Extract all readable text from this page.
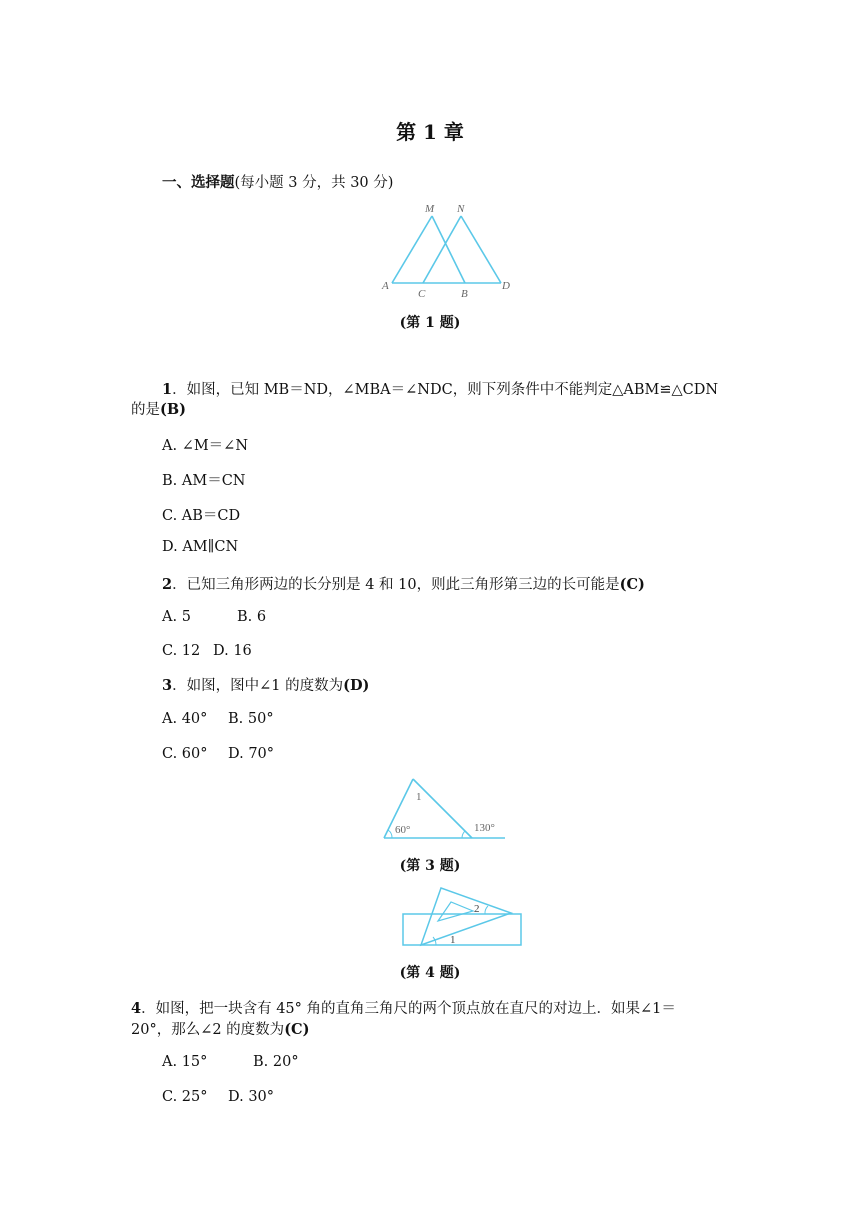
第 1 章
一、选择题(每小题 3 分，共 30 分)
M N
A
C	B
D
(第 1 题)
1．如图，已知 MB＝ND，∠MBA＝∠NDC，则下列条件中不能判定△ABM≌△CDN
的是(B)
A. ∠M＝∠N
B. AM＝CN
C. AB＝CD
D. AM∥CN
2．已知三角形两边的长分别是 4 和 10，则此三角形第三边的长可能是(C)
A. 5	B. 6
C. 12 D. 16
3．如图，图中∠1 的度数为(D)
A. 40° B. 50°
C. 60° D. 70°
1
60°	130°
(第 3 题)
1
2
(第 4 题)
4．如图，把一块含有 45° 角的直角三角尺的两个顶点放在直尺的对边上．如果∠1＝
20°，那么∠2 的度数为(C)
A. 15°	B. 20°
C. 25° D. 30°
